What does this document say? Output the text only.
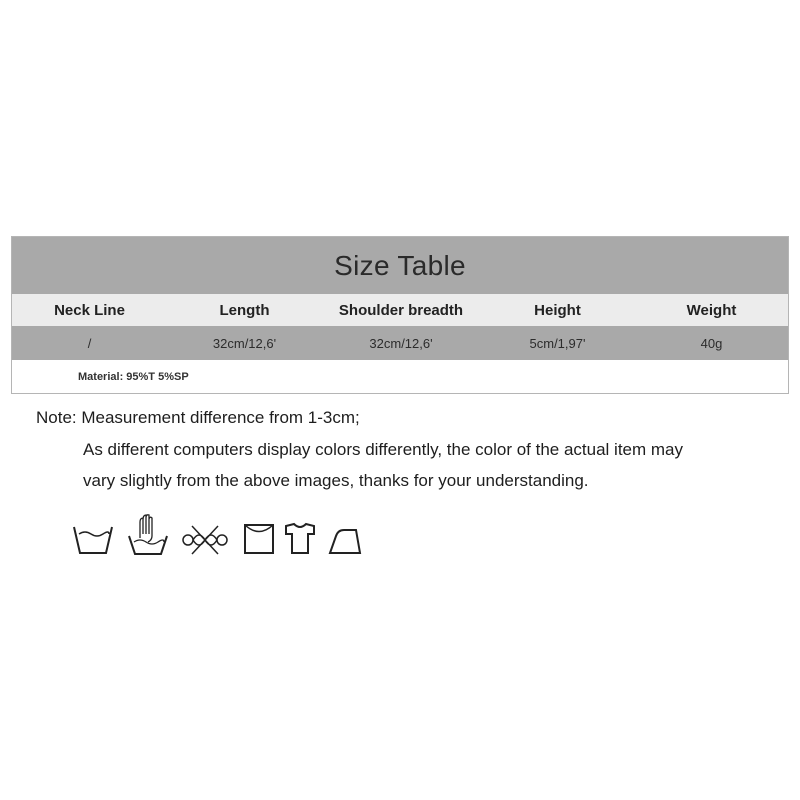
Size Table
Neck Line	Length	Shoulder breadth	Height	Weight
/	32cm/12,6'	32cm/12,6'	5cm/1,97'	40g
Material: 95%T 5%SP
Note: Measurement difference from 1-3cm;
As different computers display colors differently, the color of the actual item may
vary slightly from the above images, thanks for your understanding.
